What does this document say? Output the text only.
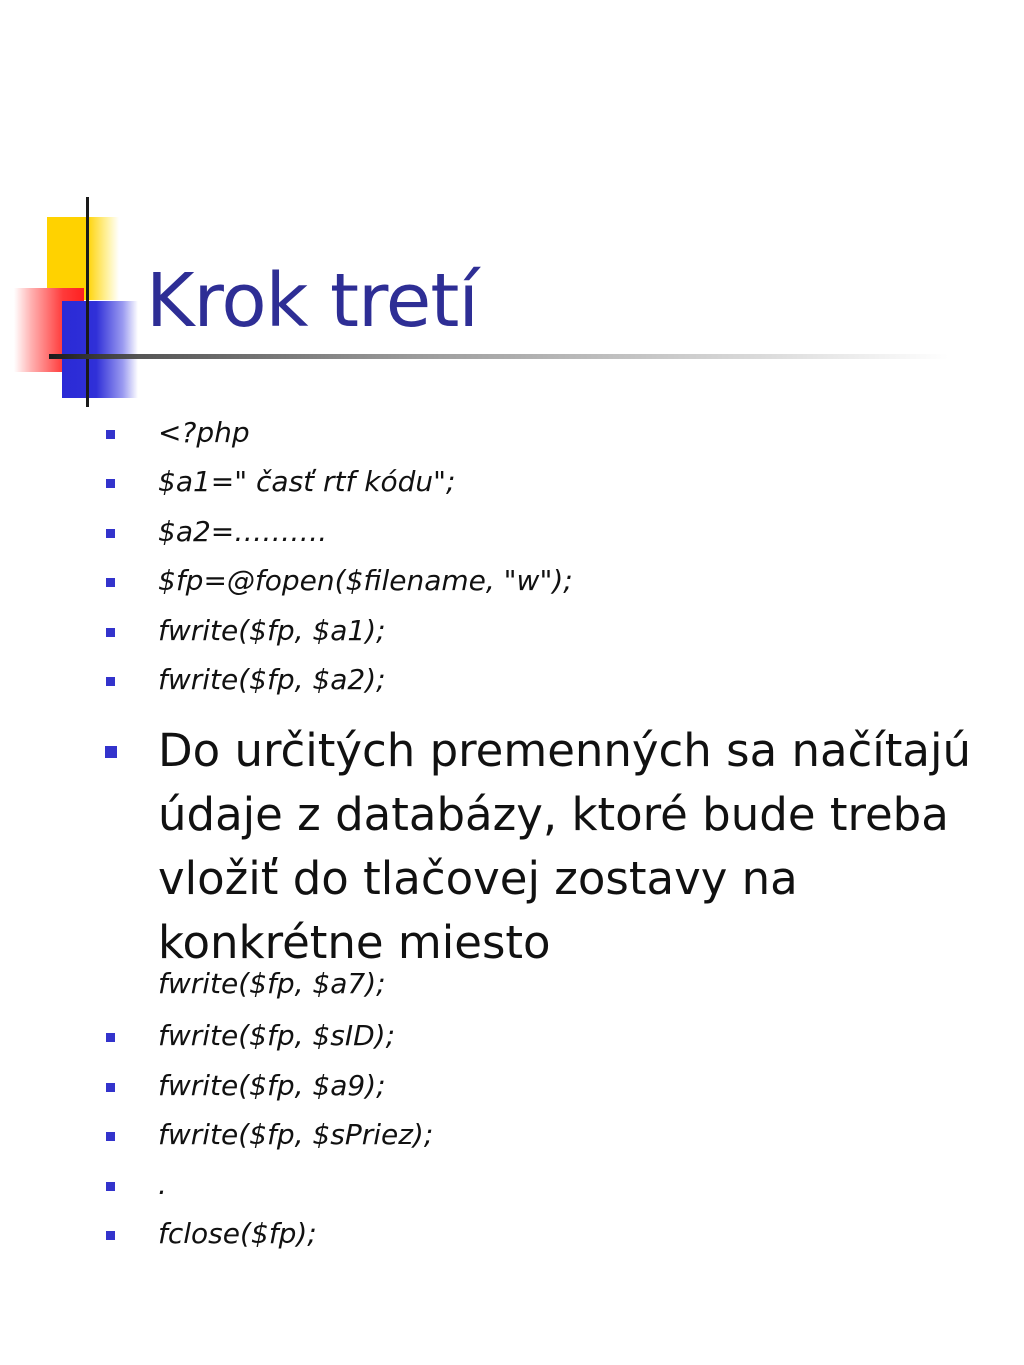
Krok tretí
<?php
$a1=" časť rtf kódu";
$a2=……….
$fp=@fopen($filename, "w");
fwrite($fp, $a1);
fwrite($fp, $a2);
Do určitých premenných sa načítajú údaje z databázy, ktoré bude treba vložiť do tlačovej zostavy na konkrétne miesto
fwrite($fp, $a7);
fwrite($fp, $sID);
fwrite($fp, $a9);
fwrite($fp, $sPriez);
.
fclose($fp);
